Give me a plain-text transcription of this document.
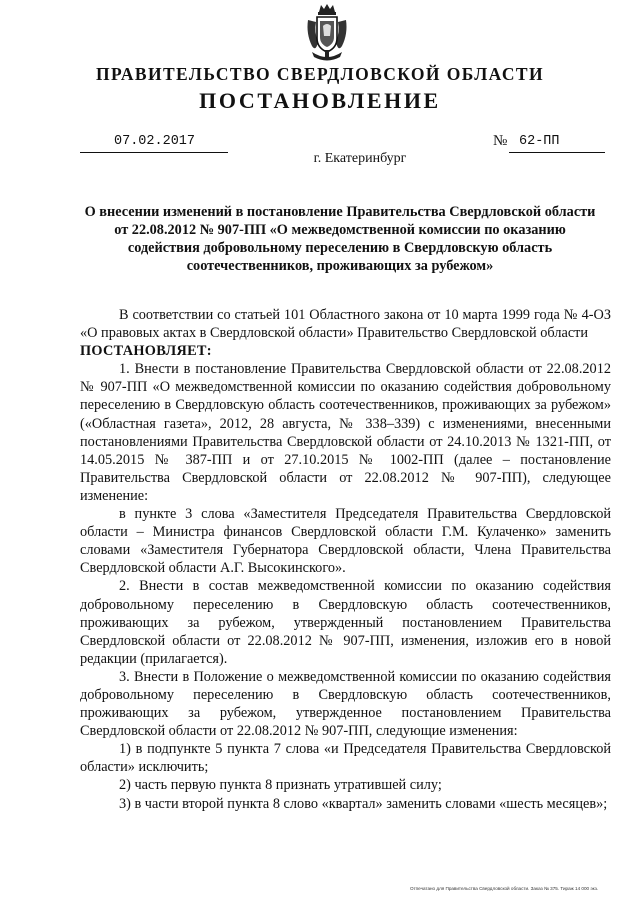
ПРАВИТЕЛЬСТВО СВЕРДЛОВСКОЙ ОБЛАСТИ
ПОСТАНОВЛЕНИЕ
07.02.2017	№ 62-ПП
г. Екатеринбург
О внесении изменений в постановление Правительства Свердловской области от 22.08.2012 № 907-ПП «О межведомственной комиссии по оказанию содействия добровольному переселению в Свердловскую область соотечественников, проживающих за рубежом»

В соответствии со статьей 101 Областного закона от 10 марта 1999 года № 4-ОЗ «О правовых актах в Свердловской области» Правительство Свердловской области

ПОСТАНОВЛЯЕТ:

1. Внести в постановление Правительства Свердловской области от 22.08.2012 № 907-ПП «О межведомственной комиссии по оказанию содействия добровольному переселению в Свердловскую область соотечественников, проживающих за рубежом» («Областная газета», 2012, 28 августа, № 338–339) с изменениями, внесенными постановлениями Правительства Свердловской области от 24.10.2013 № 1321-ПП, от 14.05.2015 № 387-ПП и от 27.10.2015 № 1002-ПП (далее – постановление Правительства Свердловской области от 22.08.2012 № 907-ПП), следующее изменение:

в пункте 3 слова «Заместителя Председателя Правительства Свердловской области – Министра финансов Свердловской области Г.М. Кулаченко» заменить словами «Заместителя Губернатора Свердловской области, Члена Правительства Свердловской области А.Г. Высокинского».

2. Внести в состав межведомственной комиссии по оказанию содействия добровольному переселению в Свердловскую область соотечественников, проживающих за рубежом, утвержденный постановлением Правительства Свердловской области от 22.08.2012 № 907-ПП, изменения, изложив его в новой редакции (прилагается).

3. Внести в Положение о межведомственной комиссии по оказанию содействия добровольному переселению в Свердловскую область соотечественников, проживающих за рубежом, утвержденное постановлением Правительства Свердловской области от 22.08.2012 № 907-ПП, следующие изменения:

1) в подпункте 5 пункта 7 слова «и Председателя Правительства Свердловской области» исключить;

2) часть первую пункта 8 признать утратившей силу;

3) в части второй пункта 8 слово «квартал» заменить словами «шесть месяцев»;

Отпечатано для Правительства Свердловской области. Заказ № 375. Тираж 14 000 экз.
